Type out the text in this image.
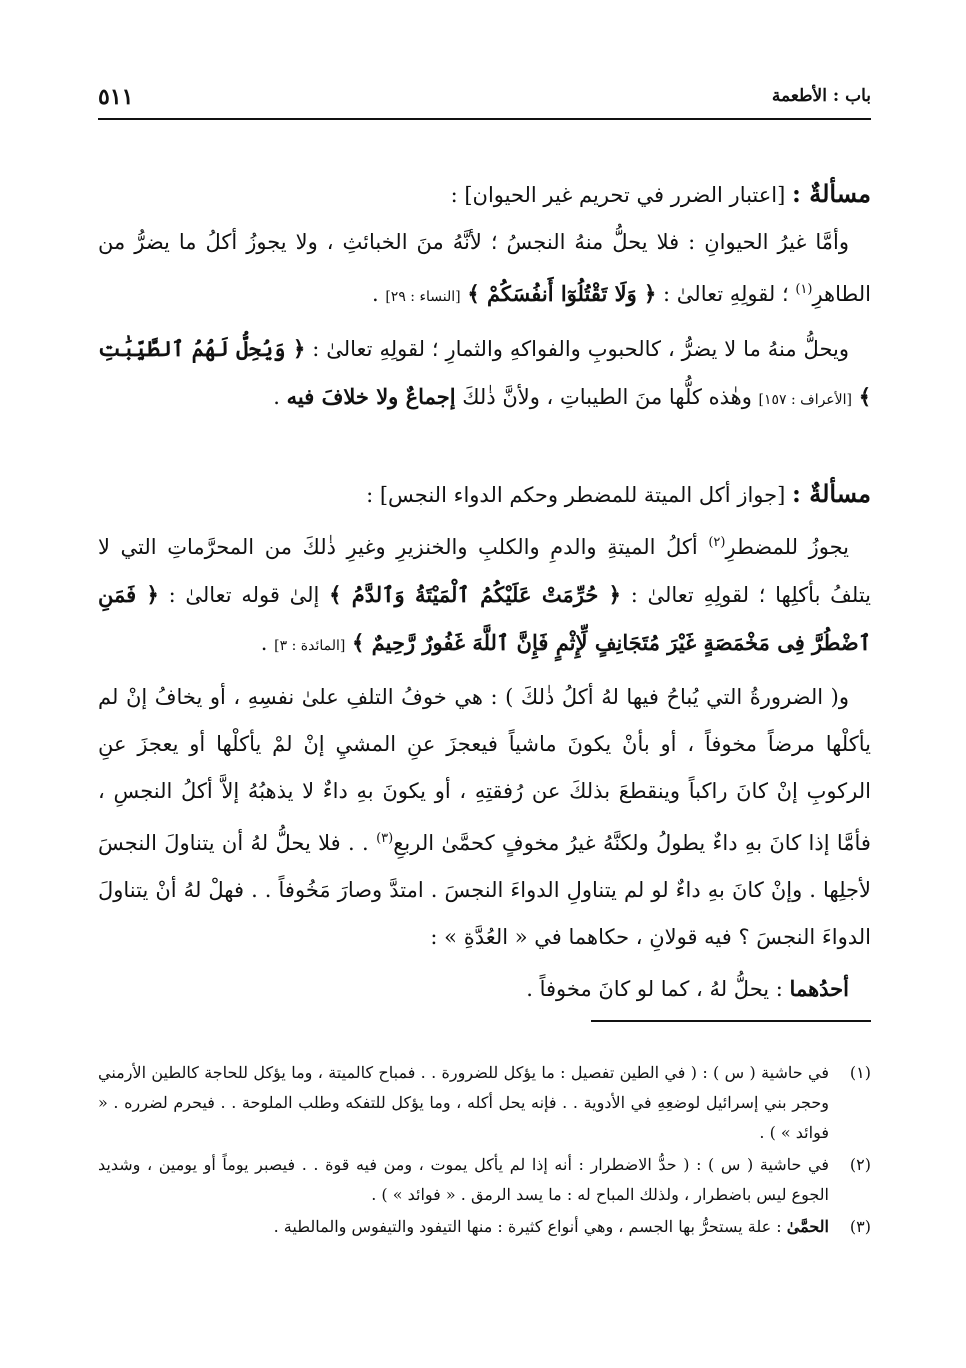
باب : الأطعمة
٥١١
مسألةٌ : [اعتبار الضرر في تحريم غير الحيوان] :

وأمَّا غيرُ الحيوانِ : فلا يحلُّ منهُ النجسُ ؛ لأنَّهُ منَ الخبائثِ ، ولا يجوزُ أكلُ ما يضرُّ من الطاهرِ$^{(١)}$ ؛ لقولِهِ تعالىٰ : ﴿ وَلَا تَقْتُلُوٓا أَنفُسَكُمْ ﴾ [النساء : ٢٩] .

ويحلُّ منهُ ما لا يضرُّ ، كالحبوبِ والفواكهِ والثمارِ ؛ لقولِهِ تعالىٰ : ﴿ وَيُحِلُّ لَهُمُ ٱلطَّيِّبَٰتِ ﴾ [الأعراف : ١٥٧] وهٰذه كلُّها منَ الطيباتِ ، ولأنَّ ذٰلكَ إجماعٌ ولا خلافَ فيه .

مسألةٌ : [جواز أكل الميتة للمضطر وحكم الدواء النجس] :

يجوزُ للمضطرِ$^{(٢)}$ أكلُ الميتةِ والدمِ والكلبِ والخنزيرِ وغيرِ ذٰلكَ من المحرَّماتِ التي لا يتلفُ بأكلِها ؛ لقولِهِ تعالىٰ : ﴿ حُرِّمَتْ عَلَيْكُمُ ٱلْمَيْتَةُ وَٱلدَّمُ ﴾ إلىٰ قوله تعالىٰ : ﴿ فَمَنِ ٱضْطُرَّ فِى مَخْمَصَةٍ غَيْرَ مُتَجَانِفٍ لِّإِثْمٍ فَإِنَّ ٱللَّهَ غَفُورٌ رَّحِيمٌ ﴾ [المائدة : ٣] .

و( الضرورةُ التي يُباحُ فيها لهُ أكلُ ذٰلكَ ) : هي خوفُ التلفِ علىٰ نفسِهِ ، أو يخافُ إنْ لم يأكلْها مرضاً مخوفاً ، أو بأنْ يكونَ ماشياً فيعجزَ عنِ المشيِ إنْ لمْ يأكلْها أو يعجزَ عنِ الركوبِ إنْ كانَ راكباً وينقطعَ بذلكَ عن رُفقتِهِ ، أو يكونَ بهِ داءٌ لا يذهبُهُ إلاَّ أكلُ النجسِ ، فأمَّا إذا كانَ بهِ داءٌ يطولُ ولكنَّهُ غيرُ مخوفٍ كحمَّىٰ الربعِ$^{(٣)}$ . . فلا يحلُّ لهُ أن يتناولَ النجسَ لأجلِها . وإنْ كانَ بهِ داءٌ لو لم يتناولِ الدواءَ النجسَ . امتدَّ وصارَ مَخُوفاً . . فهلْ لهُ أنْ يتناولَ الدواءَ النجسَ ؟ فيه قولانِ ، حكاهما في « العُدَّةِ » :

أحدُهما : يحلُّ لهُ ، كما لو كانَ مخوفاً .

(١)
في حاشية ( س ) : ( في الطين تفصيل : ما يؤكل للضرورة . . فمباح كالميتة ، وما يؤكل للحاجة كالطين الأرمني وحجر بني إسرائيل لوضعِهِ في الأدوية . . فإنه يحل أكله ، وما يؤكل للتفكه وطلب الملوحة . . فيحرم لضرره . « فوائد » ) .
(٢)
في حاشية ( س ) : ( حدُّ الاضطرار : أنه إذا لم يأكل يموت ، ومن فيه قوة . . فيصبر يوماً أو يومين ، وشديد الجوع ليس باضطرار ، ولذلك المباح له : ما يسد الرمق . « فوائد » ) .
(٣)
الحمَّىٰ : علة يستحرُّ بها الجسم ، وهي أنواع كثيرة : منها التيفود والتيفوس والمالطية .
